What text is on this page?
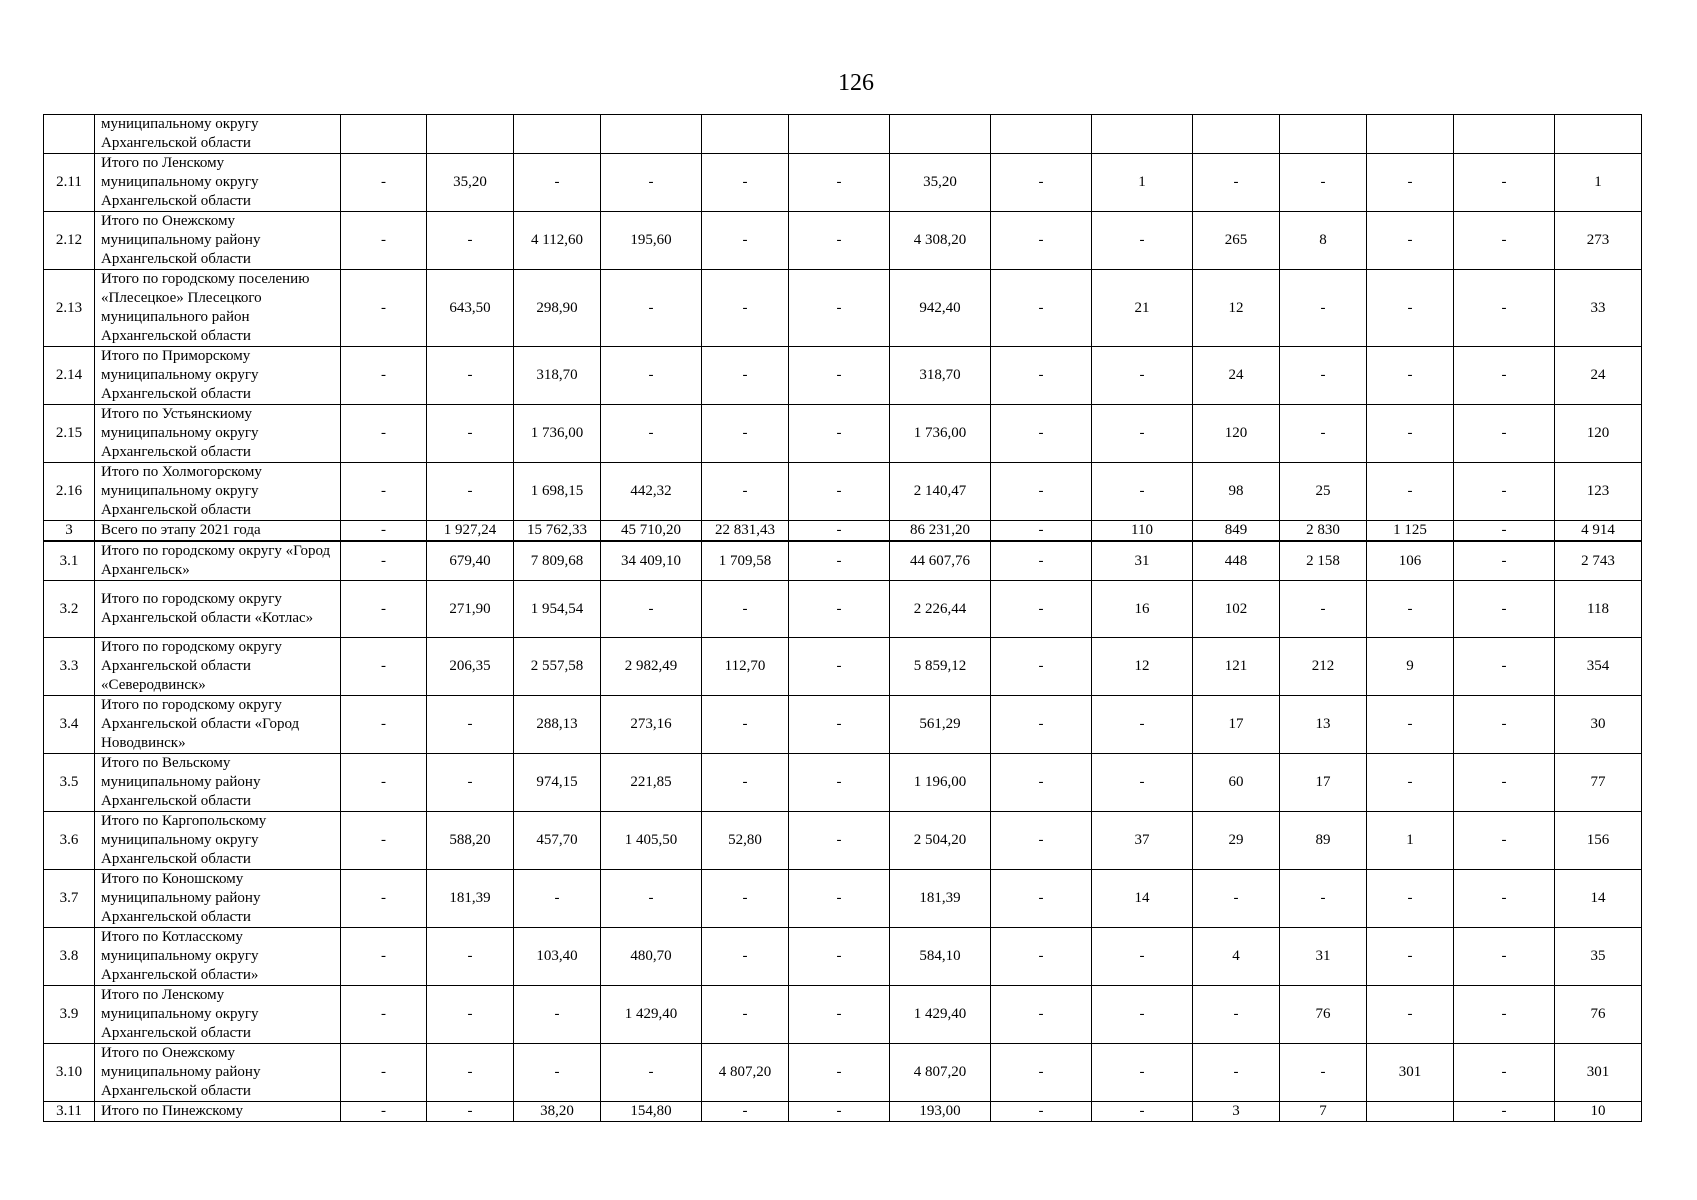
126
	муниципальному округу Архангельской области														
2.11	Итого по Ленскому муниципальному округу Архангельской области	-	35,20	-	-	-	-	35,20	-	1	-	-	-	-	1
2.12	Итого по Онежскому муниципальному району Архангельской области	-	-	4 112,60	195,60	-	-	4 308,20	-	-	265	8	-	-	273
2.13	Итого по городскому поселению «Плесецкое» Плесецкого муниципального район Архангельской области	-	643,50	298,90	-	-	-	942,40	-	21	12	-	-	-	33
2.14	Итого по Приморскому муниципальному округу Архангельской области	-	-	318,70	-	-	-	318,70	-	-	24	-	-	-	24
2.15	Итого по Устьянскиому муниципальному округу Архангельской области	-	-	1 736,00	-	-	-	1 736,00	-	-	120	-	-	-	120
2.16	Итого по Холмогорскому муниципальному округу Архангельской области	-	-	1 698,15	442,32	-	-	2 140,47	-	-	98	25	-	-	123
3	Всего по этапу 2021 года	-	1 927,24	15 762,33	45 710,20	22 831,43	-	86 231,20	-	110	849	2 830	1 125	-	4 914
3.1	Итого по городскому округу «Город Архангельск»	-	679,40	7 809,68	34 409,10	1 709,58	-	44 607,76	-	31	448	2 158	106	-	2 743
3.2	Итого по городскому округу Архангельской области «Котлас»	-	271,90	1 954,54	-	-	-	2 226,44	-	16	102	-	-	-	118
3.3	Итого по городскому округу Архангельской области «Северодвинск»	-	206,35	2 557,58	2 982,49	112,70	-	5 859,12	-	12	121	212	9	-	354
3.4	Итого по городскому округу Архангельской области «Город Новодвинск»	-	-	288,13	273,16	-	-	561,29	-	-	17	13	-	-	30
3.5	Итого по Вельскому муниципальному району Архангельской области	-	-	974,15	221,85	-	-	1 196,00	-	-	60	17	-	-	77
3.6	Итого по Каргопольскому муниципальному округу Архангельской области	-	588,20	457,70	1 405,50	52,80	-	2 504,20	-	37	29	89	1	-	156
3.7	Итого по Коношскому муниципальному району Архангельской области	-	181,39	-	-	-	-	181,39	-	14	-	-	-	-	14
3.8	Итого по Котласскому муниципальному округу Архангельской области»	-	-	103,40	480,70	-	-	584,10	-	-	4	31	-	-	35
3.9	Итого по Ленскому муниципальному округу Архангельской области	-	-	-	1 429,40	-	-	1 429,40	-	-	-	76	-	-	76
3.10	Итого по Онежскому муниципальному району Архангельской области	-	-	-	-	4 807,20	-	4 807,20	-	-	-	-	301	-	301
3.11	Итого по Пинежскому	-	-	38,20	154,80	-	-	193,00	-	-	3	7		-	10
